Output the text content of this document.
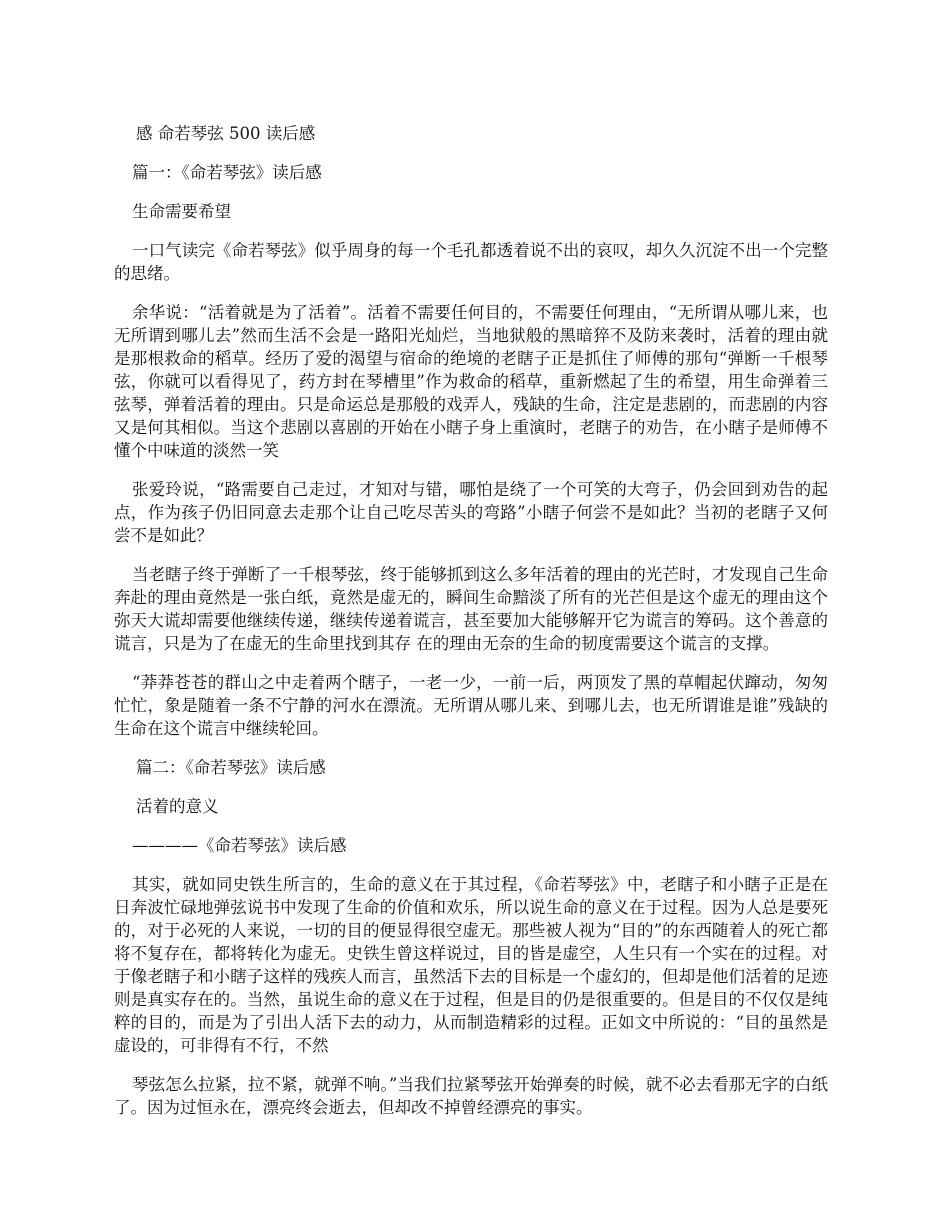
感 命若琴弦 500 读后感

篇一：《命若琴弦》读后感

生命需要希望

一口气读完《命若琴弦》似乎周身的每一个毛孔都透着说不出的哀叹，却久久沉淀不出一个完整的思绪。

余华说：“活着就是为了活着”。活着不需要任何目的，不需要任何理由，“无所谓从哪儿来，也无所谓到哪儿去”然而生活不会是一路阳光灿烂，当地狱般的黑暗猝不及防来袭时，活着的理由就是那根救命的稻草。经历了爱的渴望与宿命的绝境的老瞎子正是抓住了师傅的那句“弹断一千根琴弦，你就可以看得见了，药方封在琴槽里”作为救命的稻草，重新燃起了生的希望，用生命弹着三弦琴，弹着活着的理由。只是命运总是那般的戏弄人，残缺的生命，注定是悲剧的，而悲剧的内容又是何其相似。当这个悲剧以喜剧的开始在小瞎子身上重演时，老瞎子的劝告，在小瞎子是师傅不懂个中味道的淡然一笑

张爱玲说，“路需要自己走过，才知对与错，哪怕是绕了一个可笑的大弯子，仍会回到劝告的起点，作为孩子仍旧同意去走那个让自己吃尽苦头的弯路”小瞎子何尝不是如此？当初的老瞎子又何尝不是如此？

当老瞎子终于弹断了一千根琴弦，终于能够抓到这么多年活着的理由的光芒时，才发现自己生命奔赴的理由竟然是一张白纸，竟然是虚无的，瞬间生命黯淡了所有的光芒但是这个虚无的理由这个弥天大谎却需要他继续传递，继续传递着谎言，甚至要加大能够解开它为谎言的筹码。这个善意的谎言，只是为了在虚无的生命里找到其存 在的理由无奈的生命的韧度需要这个谎言的支撑。

“莽莽苍苍的群山之中走着两个瞎子，一老一少，一前一后，两顶发了黑的草帽起伏蹿动，匆匆忙忙，象是随着一条不宁静的河水在漂流。无所谓从哪儿来、到哪儿去，也无所谓谁是谁”残缺的生命在这个谎言中继续轮回。

篇二：《命若琴弦》读后感

活着的意义

————《命若琴弦》读后感

其实，就如同史铁生所言的，生命的意义在于其过程，《命若琴弦》中，老瞎子和小瞎子正是在日奔波忙碌地弹弦说书中发现了生命的价值和欢乐，所以说生命的意义在于过程。因为人总是要死的，对于必死的人来说，一切的目的便显得很空虚无。那些被人视为“目的”的东西随着人的死亡都将不复存在，都将转化为虚无。史铁生曾这样说过，目的皆是虚空，人生只有一个实在的过程。对于像老瞎子和小瞎子这样的残疾人而言，虽然活下去的目标是一个虚幻的，但却是他们活着的足迹则是真实存在的。当然，虽说生命的意义在于过程，但是目的仍是很重要的。但是目的不仅仅是纯粹的目的，而是为了引出人活下去的动力，从而制造精彩的过程。正如文中所说的：“目的虽然是虚设的，可非得有不行，不然

琴弦怎么拉紧，拉不紧，就弹不响。”当我们拉紧琴弦开始弹奏的时候，就不必去看那无字的白纸了。因为过恒永在，漂亮终会逝去，但却改不掉曾经漂亮的事实。
